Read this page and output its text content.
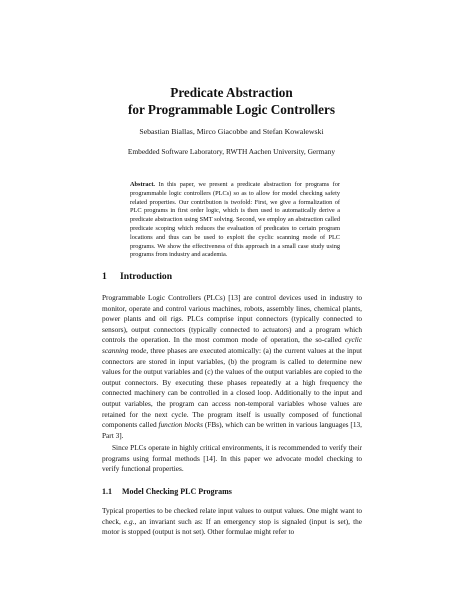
Predicate Abstraction
for Programmable Logic Controllers
Sebastian Biallas, Mirco Giacobbe and Stefan Kowalewski
Embedded Software Laboratory, RWTH Aachen University, Germany
Abstract. In this paper, we present a predicate abstraction for programs for programmable logic controllers (PLCs) so as to allow for model checking safety related properties. Our contribution is twofold: First, we give a formalization of PLC programs in first order logic, which is then used to automatically derive a predicate abstraction using SMT solving. Second, we employ an abstraction called predicate scoping which reduces the evaluation of predicates to certain program locations and thus can be used to exploit the cyclic scanning mode of PLC programs. We show the effectiveness of this approach in a small case study using programs from industry and academia.
1 Introduction
Programmable Logic Controllers (PLCs) [13] are control devices used in industry to monitor, operate and control various machines, robots, assembly lines, chemical plants, power plants and oil rigs. PLCs comprise input connectors (typically connected to sensors), output connectors (typically connected to actuators) and a program which controls the operation. In the most common mode of operation, the so-called cyclic scanning mode, three phases are executed atomically: (a) the current values at the input connectors are stored in input variables, (b) the program is called to determine new values for the output variables and (c) the values of the output variables are copied to the output connectors. By executing these phases repeatedly at a high frequency the connected machinery can be controlled in a closed loop. Additionally to the input and output variables, the program can access non-temporal variables whose values are retained for the next cycle. The program itself is usually composed of functional components called function blocks (FBs), which can be written in various languages [13, Part 3].
Since PLCs operate in highly critical environments, it is recommended to verify their programs using formal methods [14]. In this paper we advocate model checking to verify functional properties.
1.1 Model Checking PLC Programs
Typical properties to be checked relate input values to output values. One might want to check, e.g., an invariant such as: If an emergency stop is signaled (input is set), the motor is stopped (output is not set). Other formulae might refer to
